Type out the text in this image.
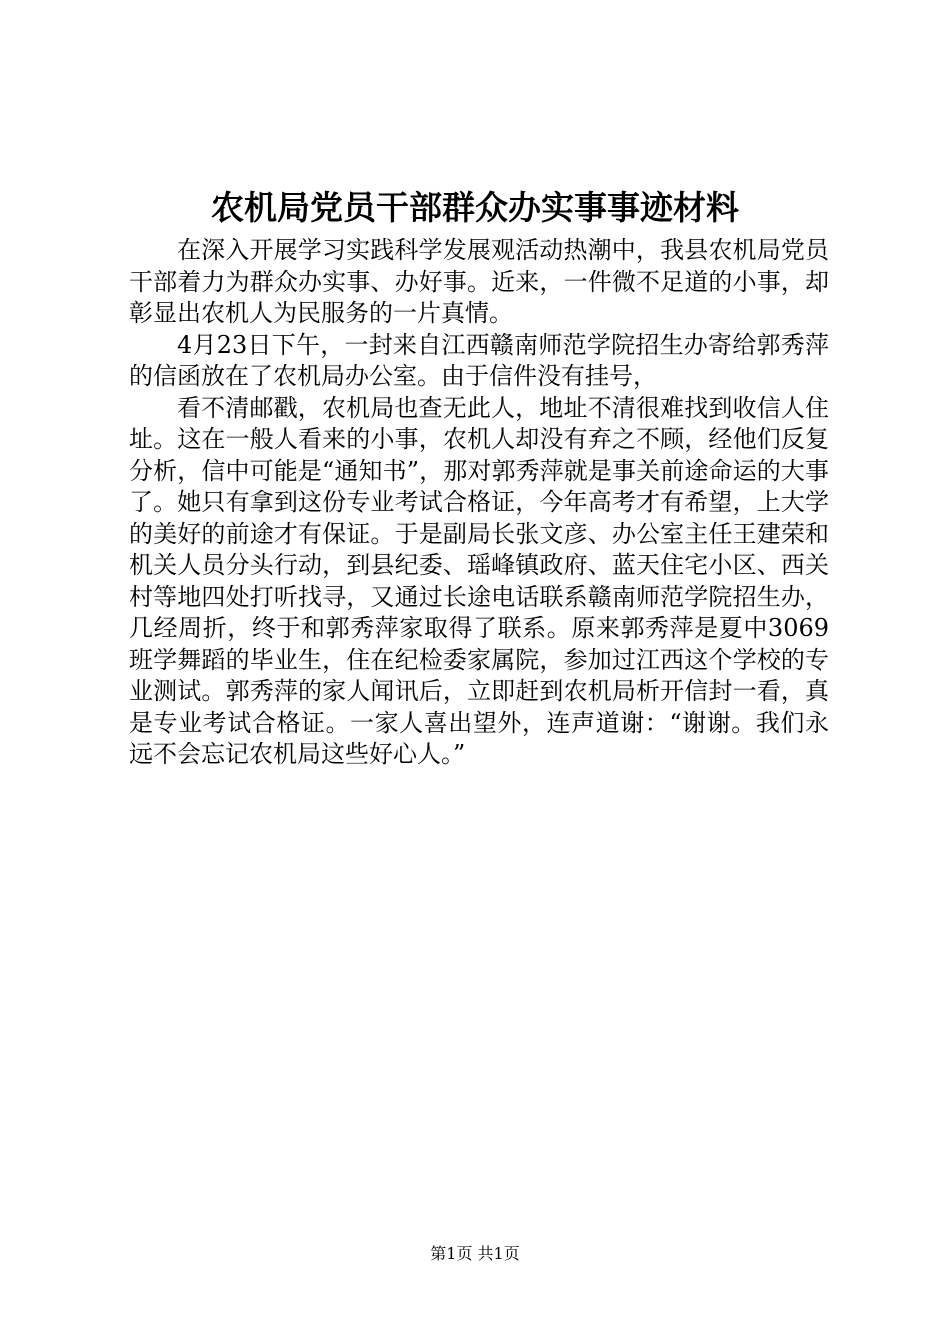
农机局党员干部群众办实事事迹材料

在深入开展学习实践科学发展观活动热潮中，我县农机局党员干部着力为群众办实事、办好事。近来，一件微不足道的小事，却彰显出农机人为民服务的一片真情。

4月23日下午，一封来自江西赣南师范学院招生办寄给郭秀萍的信函放在了农机局办公室。由于信件没有挂号，

看不清邮戳，农机局也查无此人，地址不清很难找到收信人住址。这在一般人看来的小事，农机人却没有弃之不顾，经他们反复分析，信中可能是“通知书”，那对郭秀萍就是事关前途命运的大事了。她只有拿到这份专业考试合格证，今年高考才有希望，上大学的美好的前途才有保证。于是副局长张文彦、办公室主任王建荣和机关人员分头行动，到县纪委、瑶峰镇政府、蓝天住宅小区、西关村等地四处打听找寻，又通过长途电话联系赣南师范学院招生办，几经周折，终于和郭秀萍家取得了联系。原来郭秀萍是夏中3069班学舞蹈的毕业生，住在纪检委家属院，参加过江西这个学校的专业测试。郭秀萍的家人闻讯后，立即赶到农机局析开信封一看，真是专业考试合格证。一家人喜出望外，连声道谢：“谢谢。我们永远不会忘记农机局这些好心人。”

第1页 共1页
